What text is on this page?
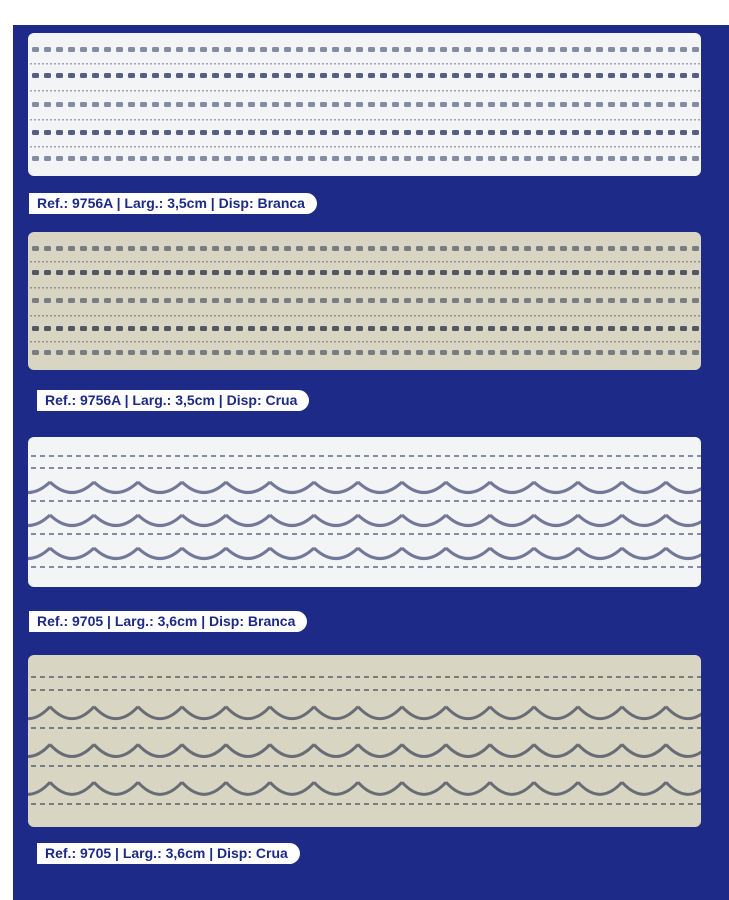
Ref.: 9756A | Larg.: 3,5cm | Disp: Branca
Ref.: 9756A | Larg.: 3,5cm | Disp: Crua
Ref.: 9705 | Larg.: 3,6cm | Disp: Branca
Ref.: 9705 | Larg.: 3,6cm | Disp: Crua
